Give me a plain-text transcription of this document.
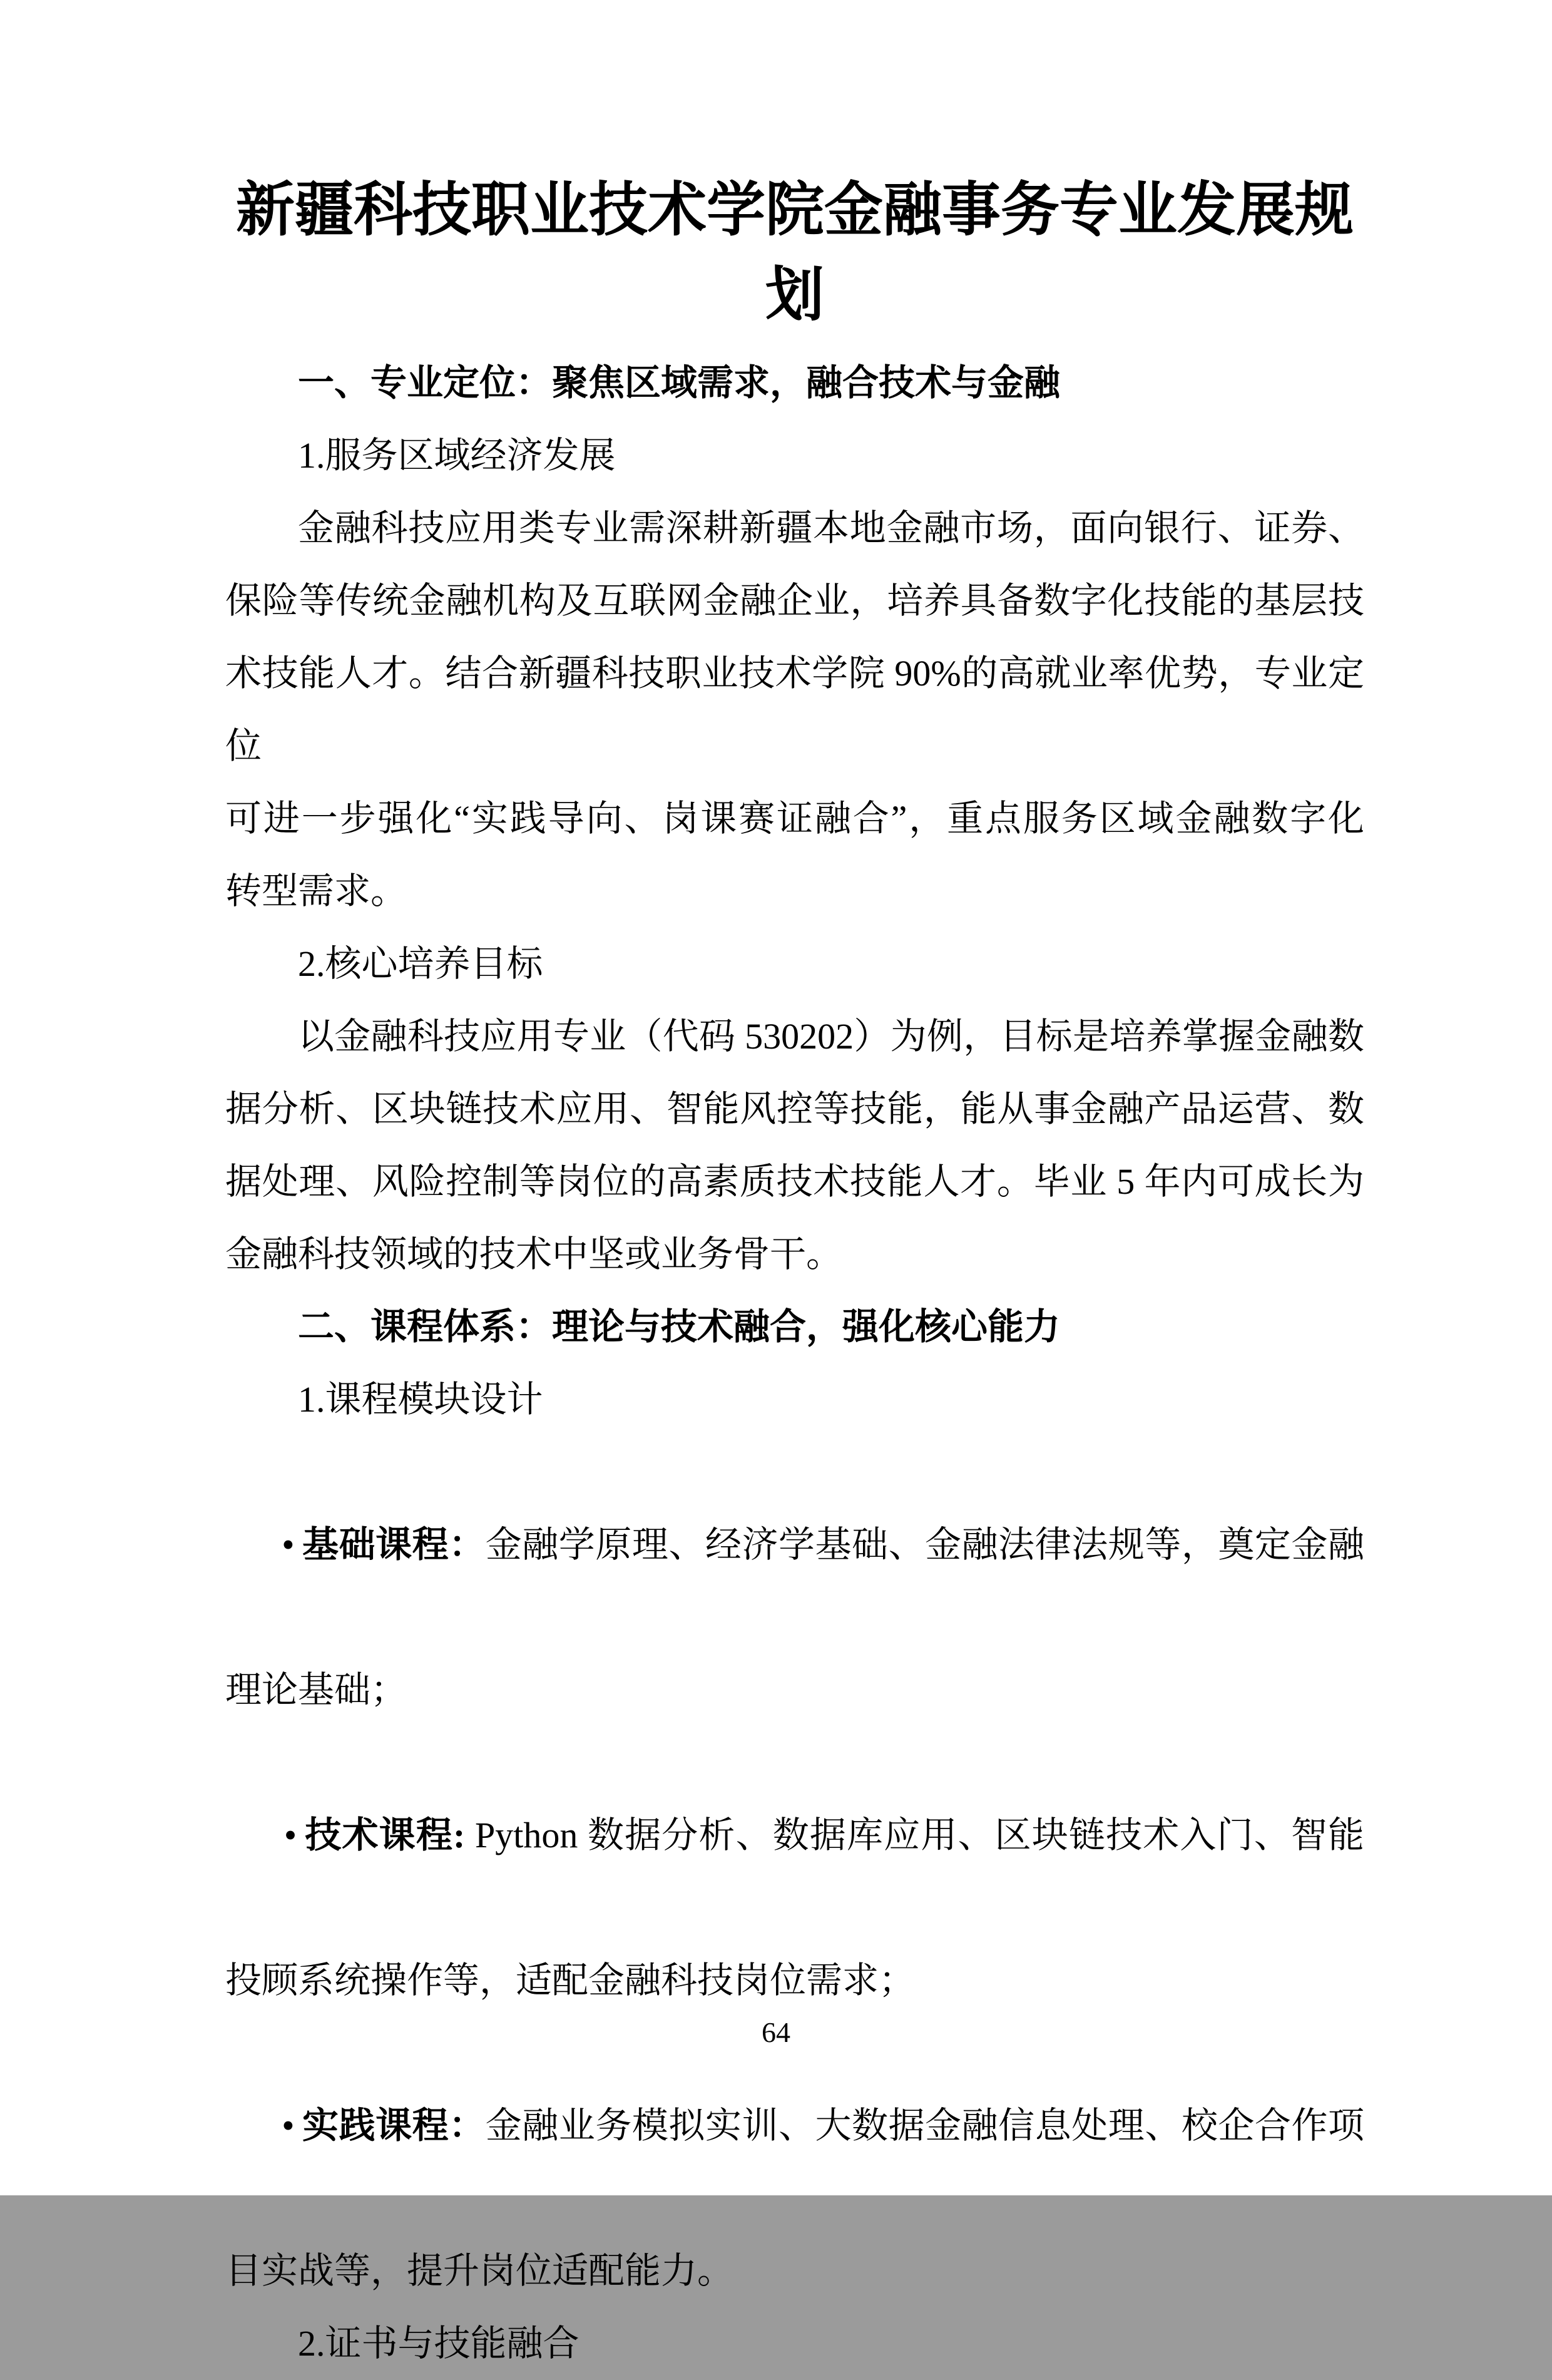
新疆科技职业技术学院金融事务专业发展规
划
一、专业定位：聚焦区域需求，融合技术与金融
1.服务区域经济发展
金融科技应用类专业需深耕新疆本地金融市场，面向银行、证券、
保险等传统金融机构及互联网金融企业，培养具备数字化技能的基层技
术技能人才。结合新疆科技职业技术学院 90%的高就业率优势，专业定位
可进一步强化“实践导向、岗课赛证融合”，重点服务区域金融数字化
转型需求。
2.核心培养目标
以金融科技应用专业（代码 530202）为例，目标是培养掌握金融数
据分析、区块链技术应用、智能风控等技能，能从事金融产品运营、数
据处理、风险控制等岗位的高素质技术技能人才。毕业 5 年内可成长为
金融科技领域的技术中坚或业务骨干。
二、课程体系：理论与技术融合，强化核心能力
1.课程模块设计

• 基础课程：金融学原理、经济学基础、金融法律法规等，奠定金融

理论基础；

• 技术课程: Python 数据分析、数据库应用、区块链技术入门、智能

投顾系统操作等，适配金融科技岗位需求；

• 实践课程：金融业务模拟实训、大数据金融信息处理、校企合作项

目实战等，提升岗位适配能力。
2.证书与技能融合
64
